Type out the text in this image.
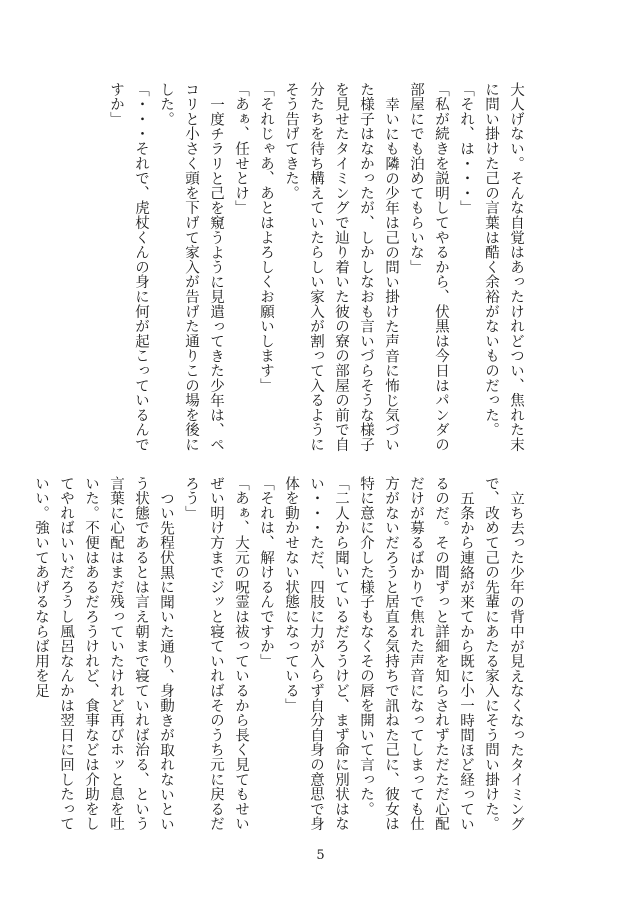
大人げない。そんな自覚はあったけれどつい、焦れた末に問い掛けた己の言葉は酷く余裕がないものだった。

「それ、は・・・」

「私が続きを説明してやるから、伏黒は今日はパンダの部屋にでも泊めてもらいな」

幸いにも隣の少年は己の問い掛けた声音に怖じ気づいた様子はなかったが、しかしなおも言いづらそうな様子を見せたタイミングで辿り着いた彼の寮の部屋の前で自分たちを待ち構えていたらしい家入が割って入るようにそう告げてきた。

「それじゃあ、あとはよろしくお願いします」

「あぁ、任せとけ」

一度チラリと己を窺うように見遣ってきた少年は、ペコリと小さく頭を下げて家入が告げた通りこの場を後にした。

「・・・それで、虎杖くんの身に何が起こっているんですか」

立ち去った少年の背中が見えなくなったタイミングで、改めて己の先輩にあたる家入にそう問い掛けた。

五条から連絡が来てから既に小一時間ほど経っているのだ。その間ずっと詳細を知らされずただただ心配だけが募るばかりで焦れた声音になってしまっても仕方がないだろうと居直る気持ちで訊ねた己に、彼女は特に意に介した様子もなくその唇を開いて言った。

「二人から聞いているだろうけど、まず命に別状はない・・・ただ、四肢に力が入らず自分自身の意思で身体を動かせない状態になっている」

「それは、解けるんですか」

「あぁ、大元の呪霊は祓っているから長く見てもせいぜい明け方までジッと寝ていればそのうち元に戻るだろう」

つい先程伏黒に聞いた通り、身動きが取れないという状態であるとは言え朝まで寝ていれば治る、という言葉に心配はまだ残っていたけれど再びホッと息を吐いた。不便はあるだろうけれど、食事などは介助をしてやればいいだろうし風呂なんかは翌日に回したっていい。強いてあげるならば用を足

5
